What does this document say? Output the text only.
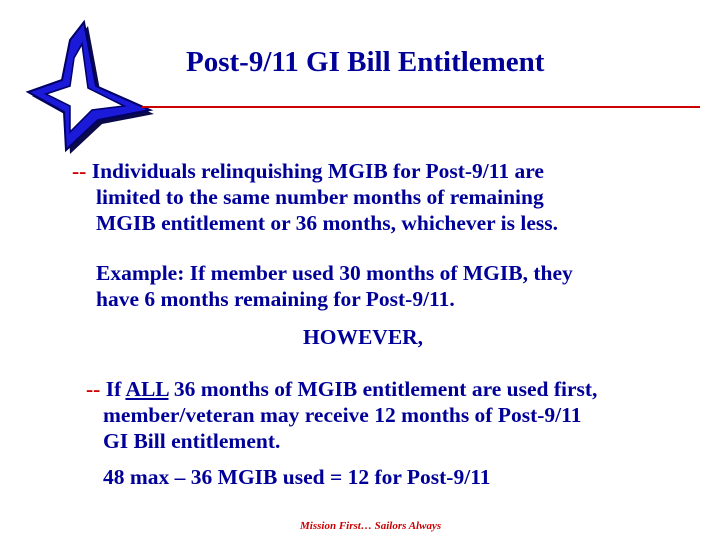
Post-9/11 GI Bill Entitlement
-- Individuals relinquishing MGIB for Post-9/11 are
limited to the same number months of remaining
MGIB entitlement or 36 months, whichever is less.
Example: If member used 30 months of MGIB, they
have 6 months remaining for Post-9/11.
HOWEVER,
-- If ALL 36 months of MGIB entitlement are used first,
member/veteran may receive 12 months of Post-9/11
GI Bill entitlement.
48 max – 36 MGIB used = 12 for Post-9/11
Mission First… Sailors Always
